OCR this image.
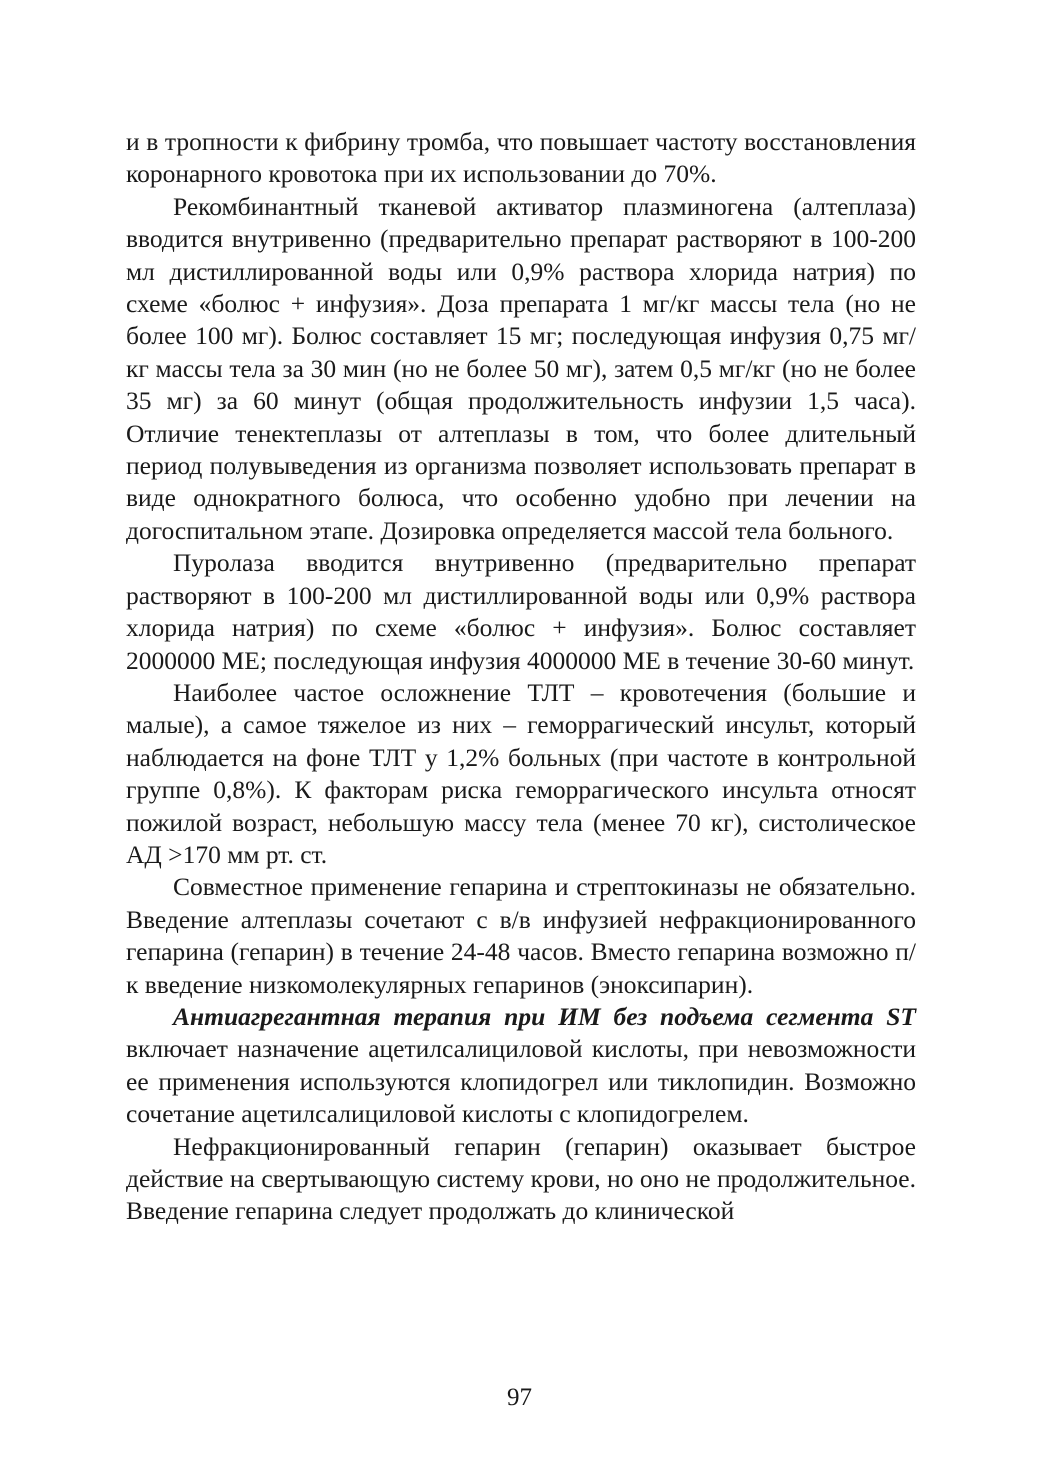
и в тропности к фибрину тромба, что повышает частоту восстановления коронарного кровотока при их использовании до 70%.

Рекомбинантный тканевой активатор плазминогена (алтеплаза) вводится внутривенно (предварительно препарат растворяют в 100-200 мл дистиллированной воды или 0,9% раствора хлорида натрия) по схеме «болюс + инфузия». Доза препарата 1 мг/кг массы тела (но не более 100 мг). Болюс составляет 15 мг; последующая инфузия 0,75 мг/кг массы тела за 30 мин (но не более 50 мг), затем 0,5 мг/кг (но не более 35 мг) за 60 минут (общая продолжительность инфузии 1,5 часа). Отличие тенектеплазы от алтеплазы в том, что более длительный период полувыведения из организма позволяет использовать препарат в виде однократного болюса, что особенно удобно при лечении на догоспитальном этапе. Дозировка определяется массой тела больного.

Пуролаза вводится внутривенно (предварительно препарат растворяют в 100-200 мл дистиллированной воды или 0,9% раствора хлорида натрия) по схеме «болюс + инфузия». Болюс составляет 2000000 МЕ; последующая инфузия 4000000 МЕ в течение 30-60 минут.

Наиболее частое осложнение ТЛТ – кровотечения (большие и малые), а самое тяжелое из них – геморрагический инсульт, который наблюдается на фоне ТЛТ у 1,2% больных (при частоте в контрольной группе 0,8%). К факторам риска геморрагического инсульта относят пожилой возраст, небольшую массу тела (менее 70 кг), систолическое АД >170 мм рт. ст.

Совместное применение гепарина и стрептокиназы не обязательно. Введение алтеплазы сочетают с в/в инфузией нефракционированного гепарина (гепарин) в течение 24-48 часов. Вместо гепарина возможно п/к введение низкомолекулярных гепаринов (эноксипарин).

Антиагрегантная терапия при ИМ без подъема сегмента ST включает назначение ацетилсалициловой кислоты, при невозможности ее применения используются клопидогрел или тиклопидин. Возможно сочетание ацетилсалициловой кислоты с клопидогрелем.

Нефракционированный гепарин (гепарин) оказывает быстрое действие на свертывающую систему крови, но оно не продолжительное. Введение гепарина следует продолжать до клинической

97
